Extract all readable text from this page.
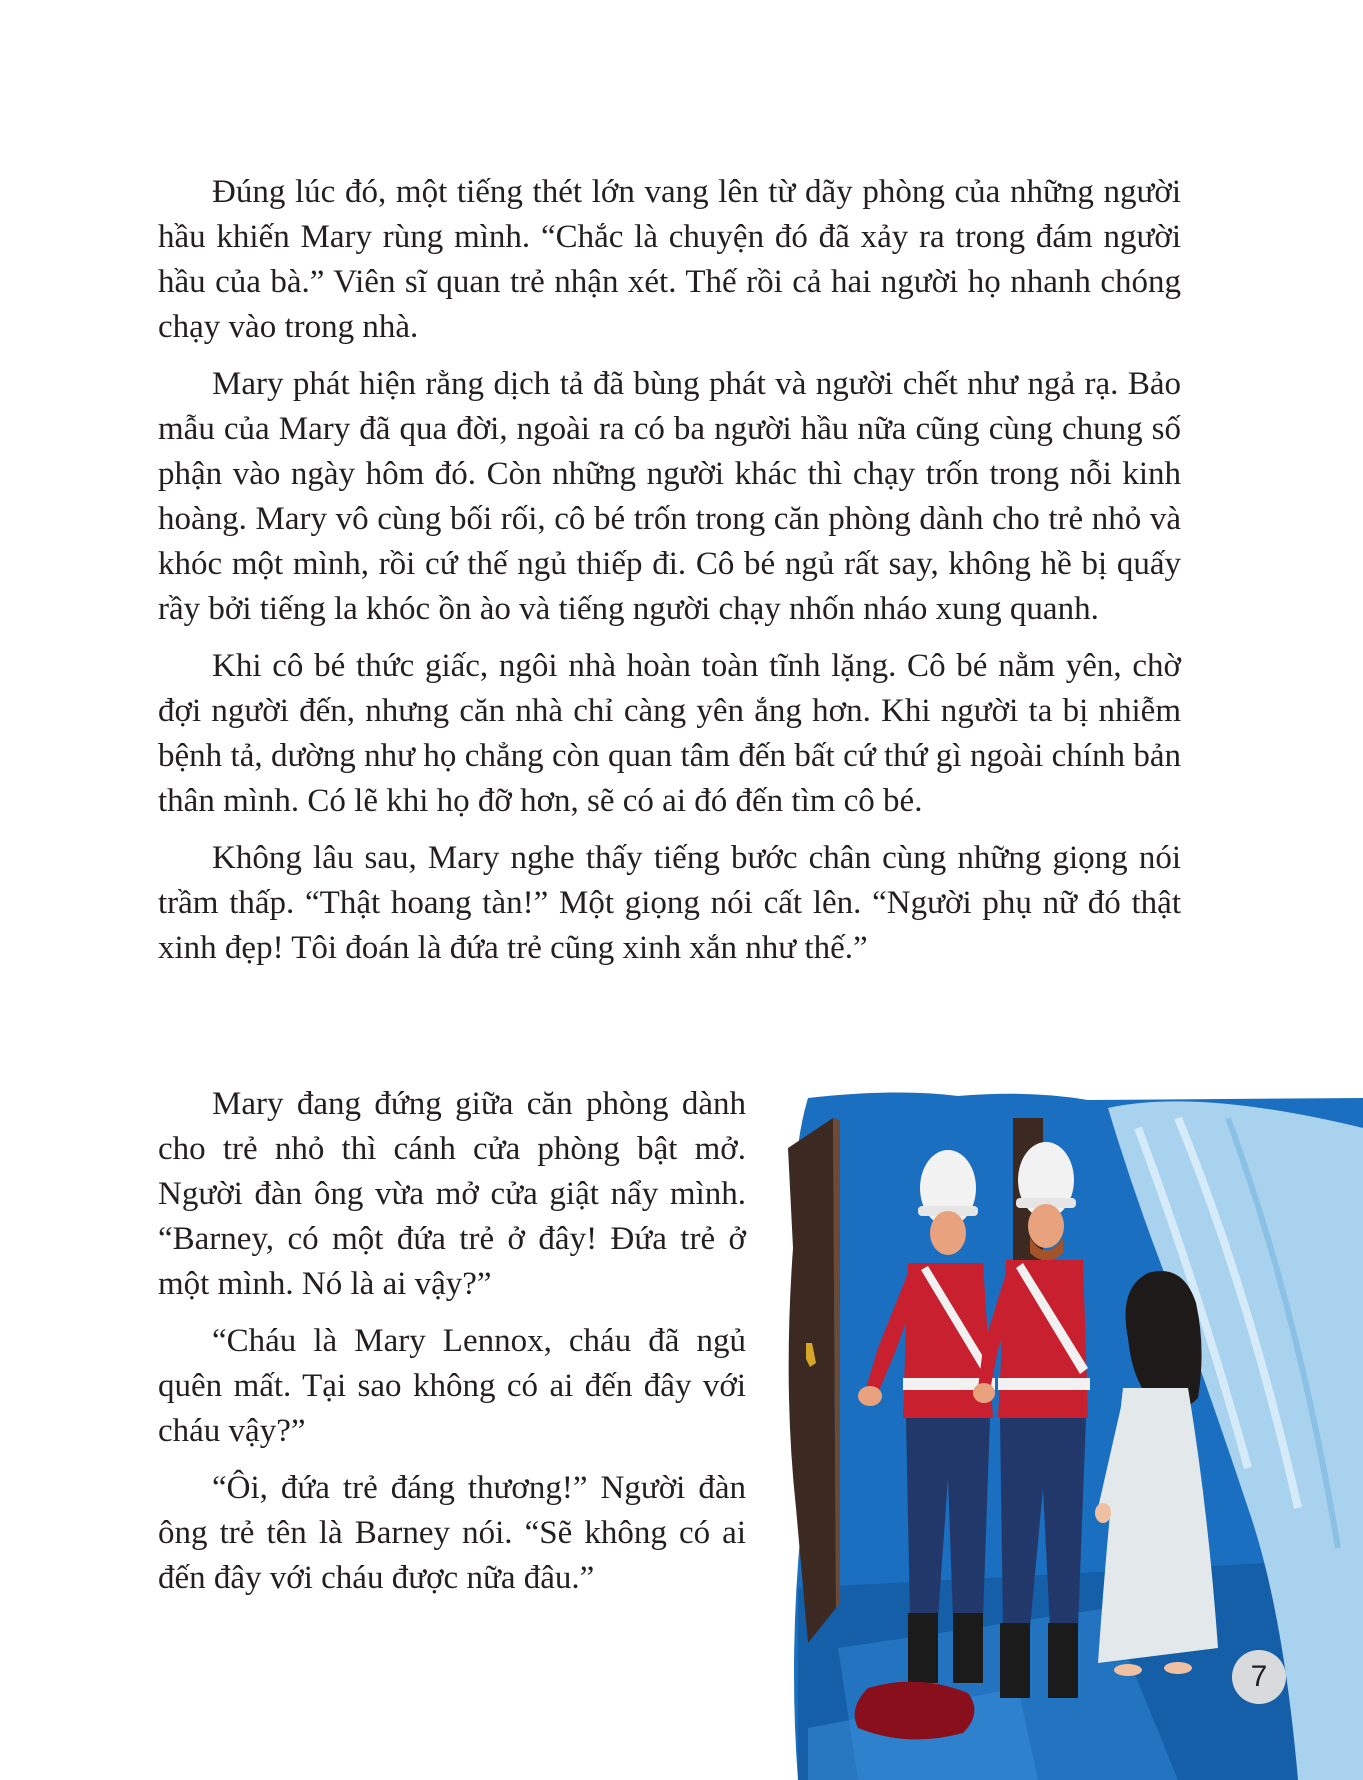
Đúng lúc đó, một tiếng thét lớn vang lên từ dãy phòng của những người hầu khiến Mary rùng mình. “Chắc là chuyện đó đã xảy ra trong đám người hầu của bà.” Viên sĩ quan trẻ nhận xét. Thế rồi cả hai người họ nhanh chóng chạy vào trong nhà.

Mary phát hiện rằng dịch tả đã bùng phát và người chết như ngả rạ. Bảo mẫu của Mary đã qua đời, ngoài ra có ba người hầu nữa cũng cùng chung số phận vào ngày hôm đó. Còn những người khác thì chạy trốn trong nỗi kinh hoàng. Mary vô cùng bối rối, cô bé trốn trong căn phòng dành cho trẻ nhỏ và khóc một mình, rồi cứ thế ngủ thiếp đi. Cô bé ngủ rất say, không hề bị quấy rầy bởi tiếng la khóc ồn ào và tiếng người chạy nhốn nháo xung quanh.

Khi cô bé thức giấc, ngôi nhà hoàn toàn tĩnh lặng. Cô bé nằm yên, chờ đợi người đến, nhưng căn nhà chỉ càng yên ắng hơn. Khi người ta bị nhiễm bệnh tả, dường như họ chẳng còn quan tâm đến bất cứ thứ gì ngoài chính bản thân mình. Có lẽ khi họ đỡ hơn, sẽ có ai đó đến tìm cô bé.

Không lâu sau, Mary nghe thấy tiếng bước chân cùng những giọng nói trầm thấp. “Thật hoang tàn!” Một giọng nói cất lên. “Người phụ nữ đó thật xinh đẹp! Tôi đoán là đứa trẻ cũng xinh xắn như thế.”

Mary đang đứng giữa căn phòng dành cho trẻ nhỏ thì cánh cửa phòng bật mở. Người đàn ông vừa mở cửa giật nẩy mình. “Barney, có một đứa trẻ ở đây! Đứa trẻ ở một mình. Nó là ai vậy?”

“Cháu là Mary Lennox, cháu đã ngủ quên mất. Tại sao không có ai đến đây với cháu vậy?”

“Ôi, đứa trẻ đáng thương!” Người đàn ông trẻ tên là Barney nói. “Sẽ không có ai đến đây với cháu được nữa đâu.”

7
